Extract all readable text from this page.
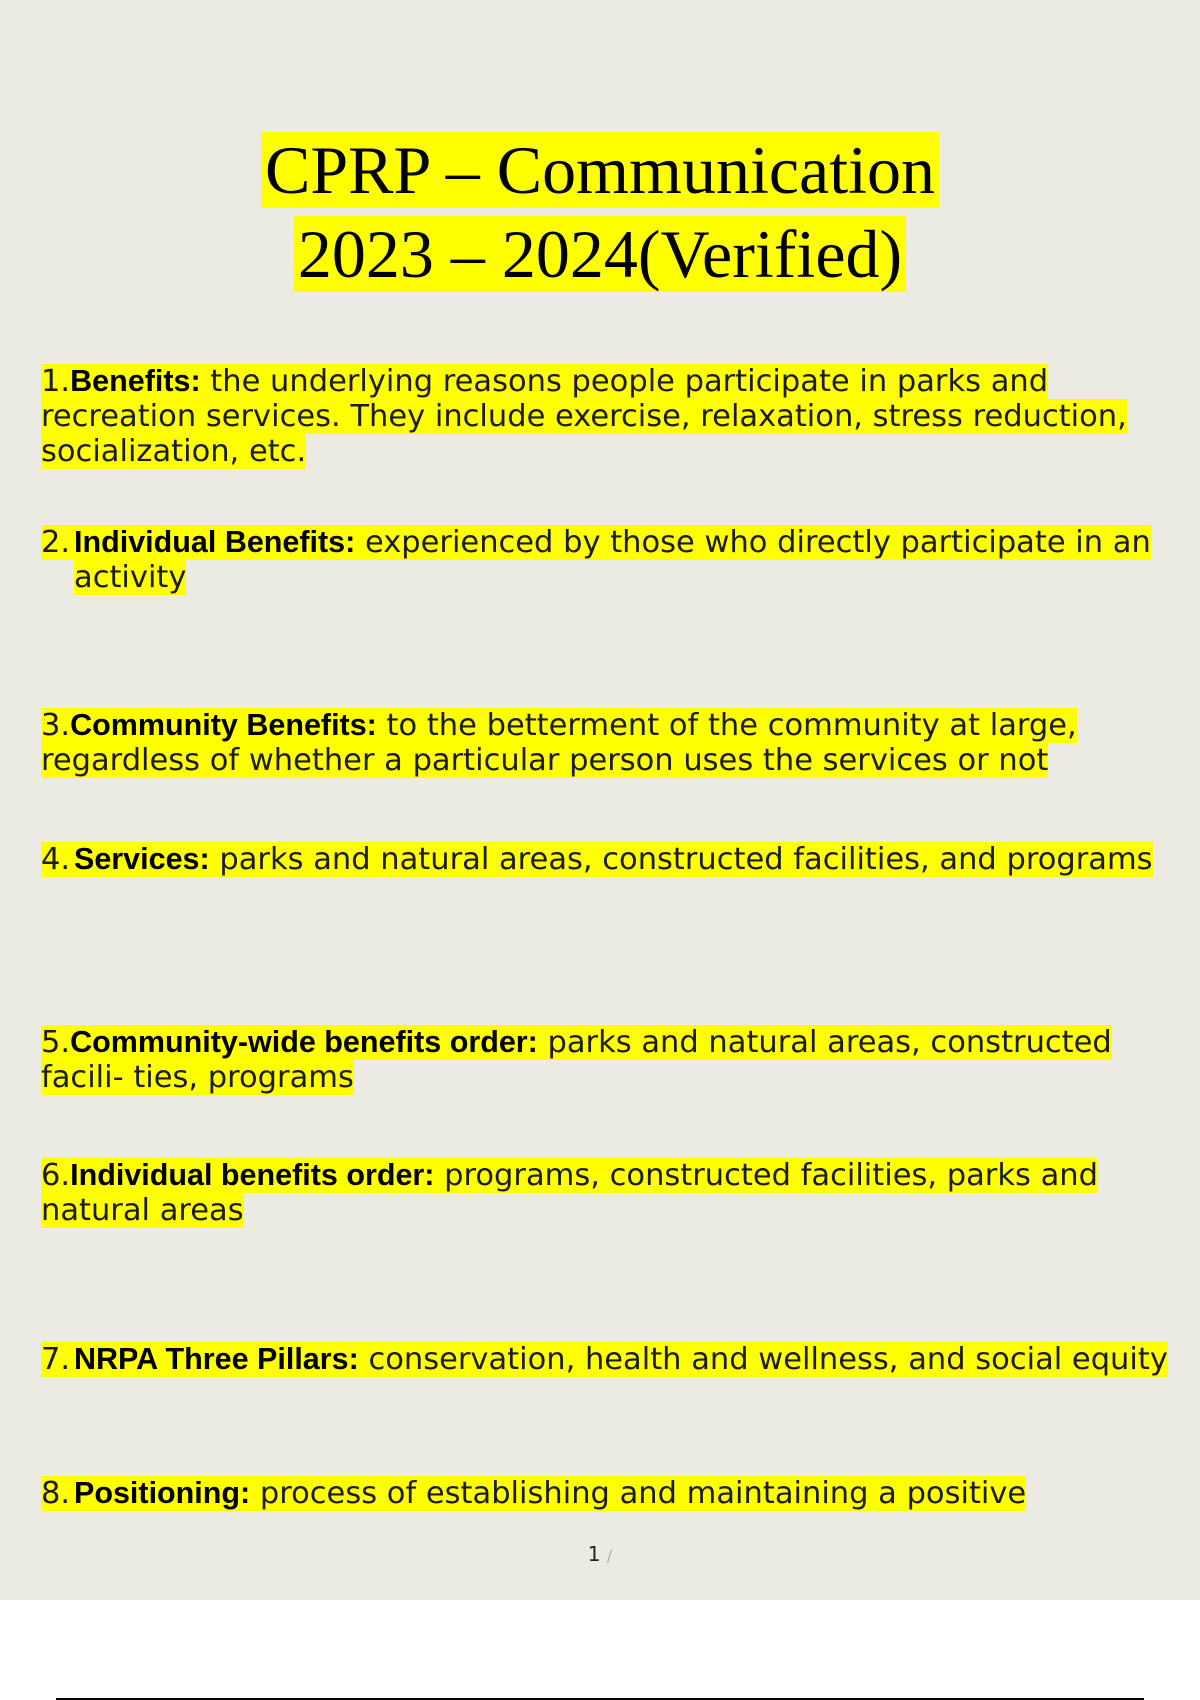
CPRP – Communication
2023 – 2024(Verified)
1.Benefits: the underlying reasons people participate in parks and recreation services. They include exercise, relaxation, stress reduction, socialization, etc.
2. Individual Benefits: experienced by those who directly participate in an activity
3.Community Benefits: to the betterment of the community at large, regardless of whether a particular person uses the services or not
4. Services: parks and natural areas, constructed facilities, and programs
5.Community-wide benefits order: parks and natural areas, constructed facili- ties, programs
6.Individual benefits order: programs, constructed facilities, parks and natural areas
7. NRPA Three Pillars: conservation, health and wellness, and social equity
8. Positioning: process of establishing and maintaining a positive
1 /
